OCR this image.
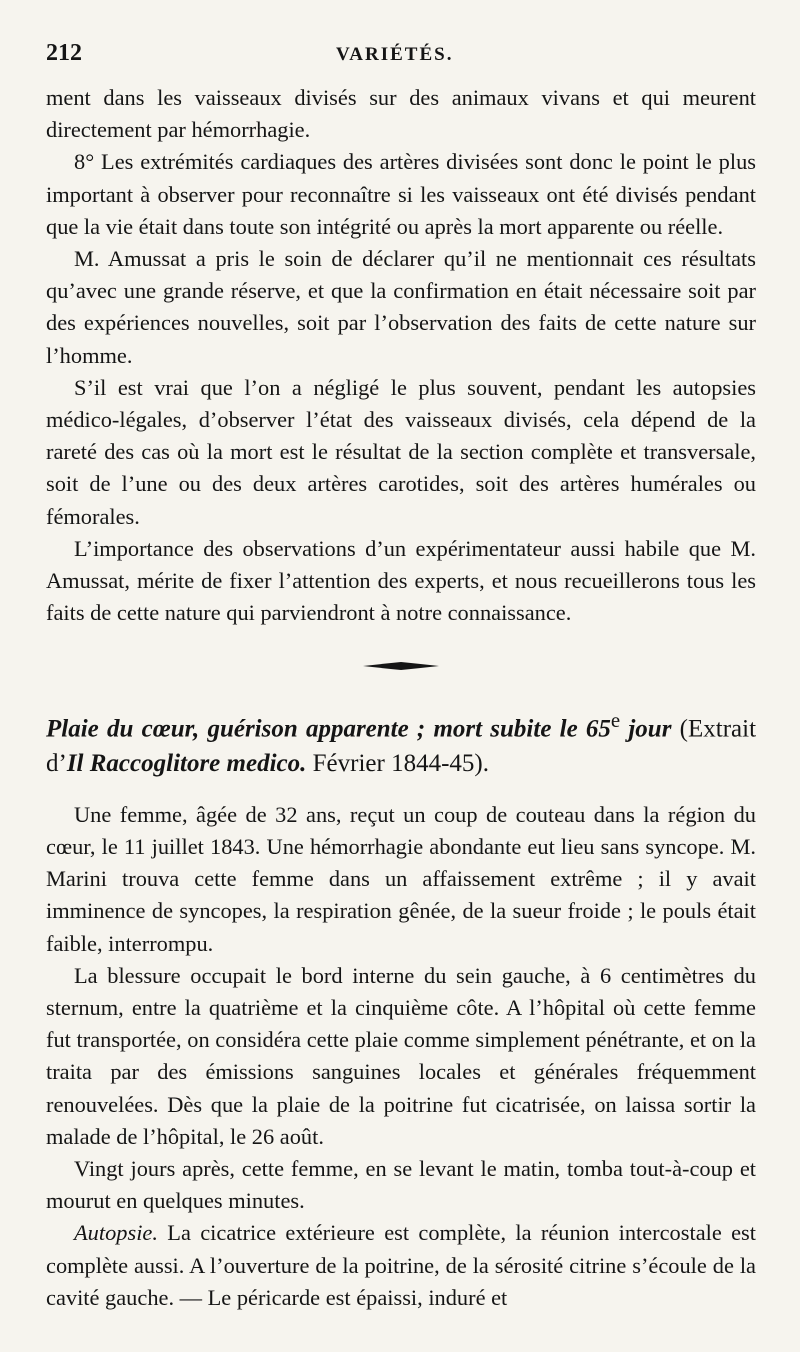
212	VARIÉTÉS.

ment dans les vaisseaux divisés sur des animaux vivans et qui meurent directement par hémorrhagie.

8° Les extrémités cardiaques des artères divisées sont donc le point le plus important à observer pour reconnaître si les vaisseaux ont été divisés pendant que la vie était dans toute son intégrité ou après la mort apparente ou réelle.

M. Amussat a pris le soin de déclarer qu’il ne mentionnait ces résultats qu’avec une grande réserve, et que la confirmation en était nécessaire soit par des expériences nouvelles, soit par l’observation des faits de cette nature sur l’homme.

S’il est vrai que l’on a négligé le plus souvent, pendant les autopsies médico-légales, d’observer l’état des vaisseaux divisés, cela dépend de la rareté des cas où la mort est le résultat de la section complète et transversale, soit de l’une ou des deux artères carotides, soit des artères humérales ou fémorales.

L’importance des observations d’un expérimentateur aussi habile que M. Amussat, mérite de fixer l’attention des experts, et nous recueillerons tous les faits de cette nature qui parviendront à notre connaissance.

Plaie du cœur, guérison apparente ; mort subite le 65e jour (Extrait d’Il Raccoglitore medico. Février 1844-45).

Une femme, âgée de 32 ans, reçut un coup de couteau dans la région du cœur, le 11 juillet 1843. Une hémorrhagie abondante eut lieu sans syncope. M. Marini trouva cette femme dans un affaissement extrême ; il y avait imminence de syncopes, la respiration gênée, de la sueur froide ; le pouls était faible, interrompu.

La blessure occupait le bord interne du sein gauche, à 6 centimètres du sternum, entre la quatrième et la cinquième côte. A l’hôpital où cette femme fut transportée, on considéra cette plaie comme simplement pénétrante, et on la traita par des émissions sanguines locales et générales fréquemment renouvelées. Dès que la plaie de la poitrine fut cicatrisée, on laissa sortir la malade de l’hôpital, le 26 août.

Vingt jours après, cette femme, en se levant le matin, tomba tout-à-coup et mourut en quelques minutes.

Autopsie. La cicatrice extérieure est complète, la réunion intercostale est complète aussi. A l’ouverture de la poitrine, de la sérosité citrine s’écoule de la cavité gauche. — Le péricarde est épaissi, induré et
